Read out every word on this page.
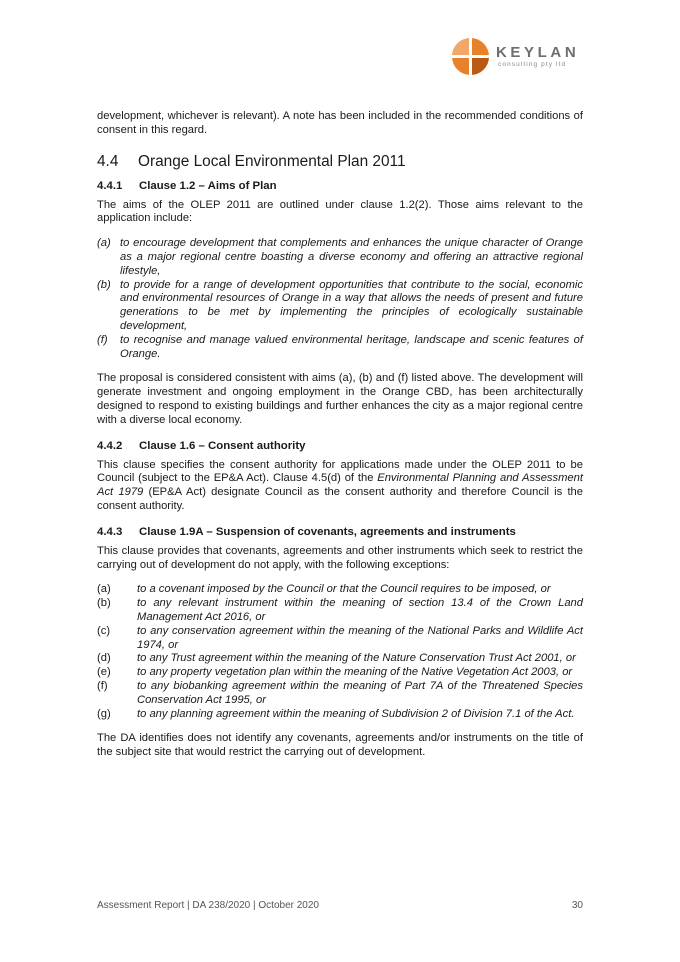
KEYLAN
consulting pty ltd

development, whichever is relevant). A note has been included in the recommended conditions of consent in this regard.

4.4 Orange Local Environmental Plan 2011
4.4.1 Clause 1.2 – Aims of Plan

The aims of the OLEP 2011 are outlined under clause 1.2(2). Those aims relevant to the application include:

(a) to encourage development that complements and enhances the unique character of Orange as a major regional centre boasting a diverse economy and offering an attractive regional lifestyle,
(b) to provide for a range of development opportunities that contribute to the social, economic and environmental resources of Orange in a way that allows the needs of present and future generations to be met by implementing the principles of ecologically sustainable development,
(f)	to recognise and manage valued environmental heritage, landscape and scenic features of Orange.

The proposal is considered consistent with aims (a), (b) and (f) listed above. The development will generate investment and ongoing employment in the Orange CBD, has been architecturally designed to respond to existing buildings and further enhances the city as a major regional centre with a diverse local economy.

4.4.2 Clause 1.6 – Consent authority

This clause specifies the consent authority for applications made under the OLEP 2011 to be Council (subject to the EP&A Act). Clause 4.5(d) of the Environmental Planning and Assessment Act 1979 (EP&A Act) designate Council as the consent authority and therefore Council is the consent authority.

4.4.3 Clause 1.9A – Suspension of covenants, agreements and instruments

This clause provides that covenants, agreements and other instruments which seek to restrict the carrying out of development do not apply, with the following exceptions:

(a)	to a covenant imposed by the Council or that the Council requires to be imposed, or
(b)	to any relevant instrument within the meaning of section 13.4 of the Crown Land Management Act 2016, or
(c)	to any conservation agreement within the meaning of the National Parks and Wildlife Act 1974, or
(d)	to any Trust agreement within the meaning of the Nature Conservation Trust Act 2001, or
(e)	to any property vegetation plan within the meaning of the Native Vegetation Act 2003, or
(f)	to any biobanking agreement within the meaning of Part 7A of the Threatened Species Conservation Act 1995, or
(g)	to any planning agreement within the meaning of Subdivision 2 of Division 7.1 of the Act.

The DA identifies does not identify any covenants, agreements and/or instruments on the title of the subject site that would restrict the carrying out of development.

Assessment Report | DA 238/2020 | October 2020	30
